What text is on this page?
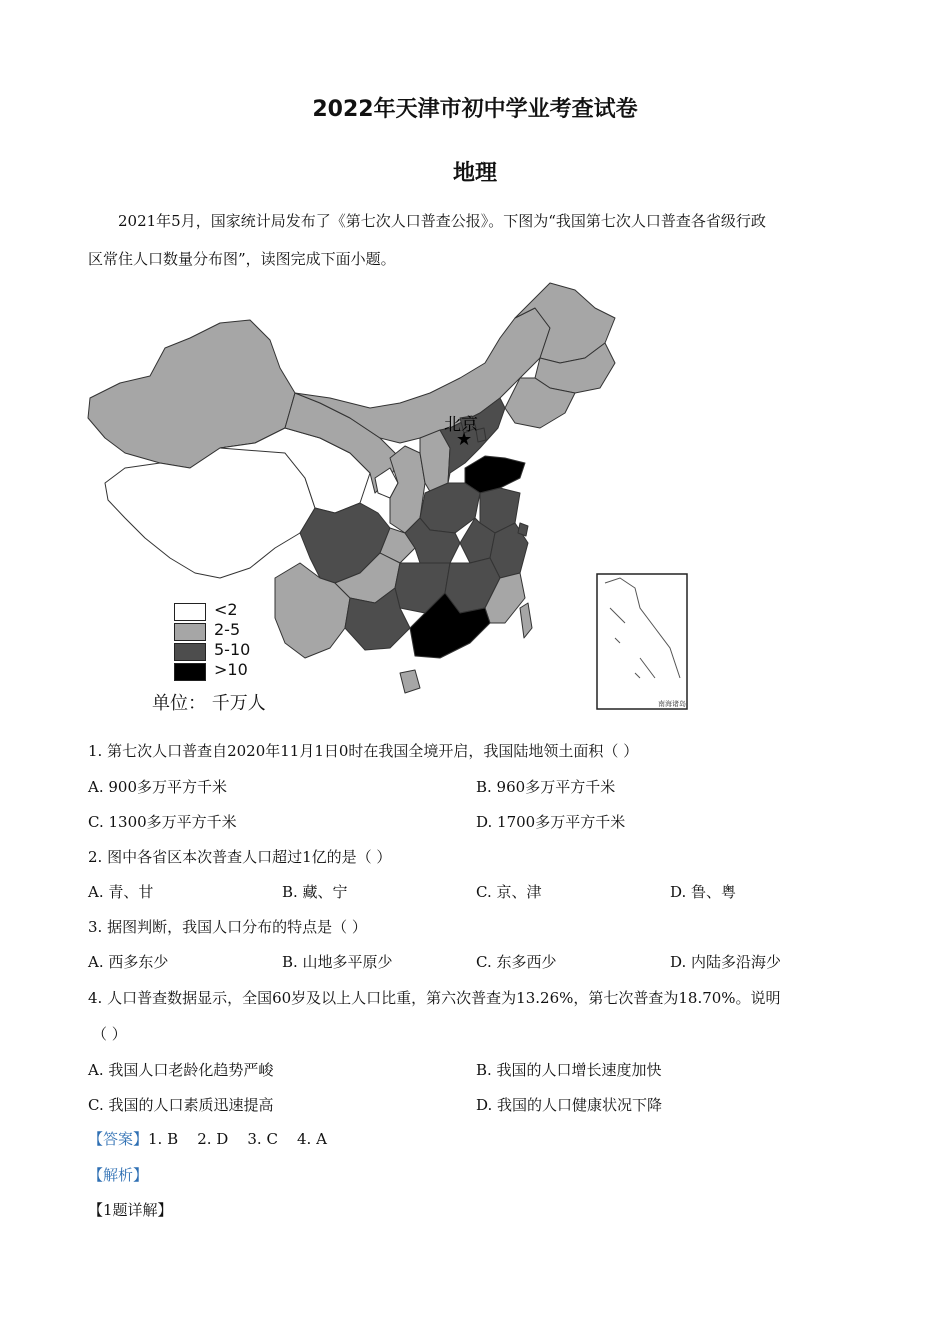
2022年天津市初中学业考查试卷
地理
2021年5月，国家统计局发布了《第七次人口普查公报》。下图为“我国第七次人口普查各省级行政
区常住人口数量分布图”，读图完成下面小题。
★
北京
南海诸岛
<2
2-5
5-10
>10
单位： 千万人
1. 第七次人口普查自2020年11月1日0时在我国全境开启，我国陆地领土面积（ ）
A. 900多万平方千米	B. 960多万平方千米
C. 1300多万平方千米	D. 1700多万平方千米
2. 图中各省区本次普查人口超过1亿的是（ ）
A. 青、甘	B. 藏、宁	C. 京、津	D. 鲁、粤
3. 据图判断，我国人口分布的特点是（ ）
A. 西多东少	B. 山地多平原少	C. 东多西少	D. 内陆多沿海少
4. 人口普查数据显示，全国60岁及以上人口比重，第六次普查为13.26%，第七次普查为18.70%。说明
（ ）
A. 我国人口老龄化趋势严峻	B. 我国的人口增长速度加快
C. 我国的人口素质迅速提高	D. 我国的人口健康状况下降
【答案】1. B    2. D    3. C    4. A
【解析】
【1题详解】
